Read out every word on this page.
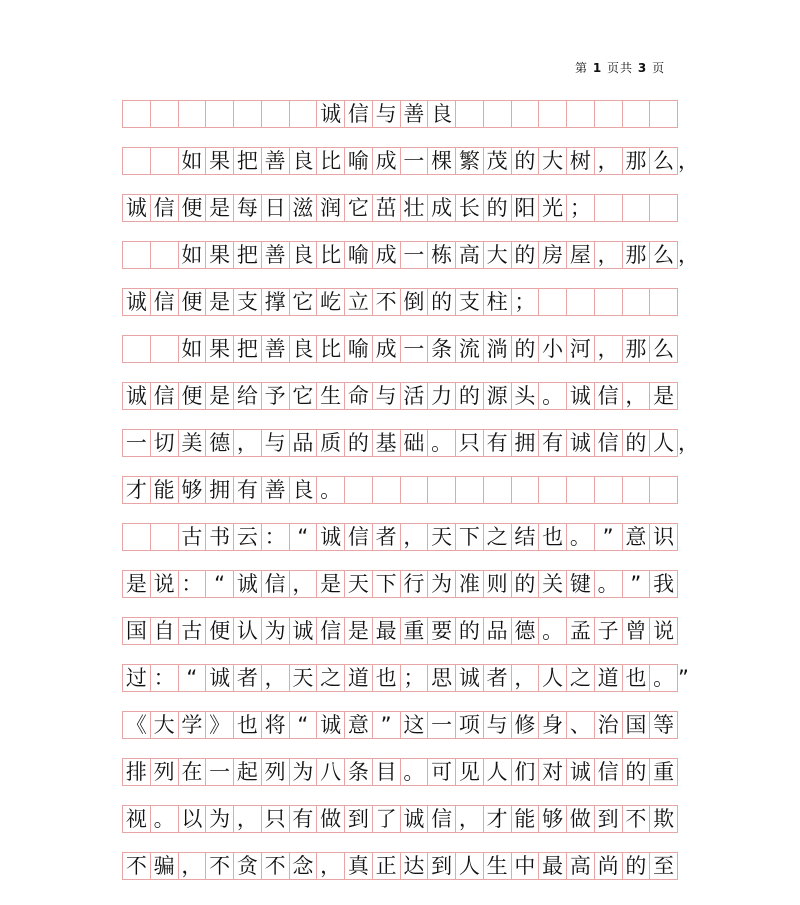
第 1 页共 3 页
诚 信 与 善 良
如 果 把 善 良 比 喻 成 一 棵 繁 茂 的 大 树 ， 那 么
诚 信 便 是 每 日 滋 润 它 茁 壮 成 长 的 阳 光 ；
如 果 把 善 良 比 喻 成 一 栋 高 大 的 房 屋 ， 那 么
诚 信 便 是 支 撑 它 屹 立 不 倒 的 支 柱 ；
如 果 把 善 良 比 喻 成 一 条 流 淌 的 小 河 ， 那 么
诚 信 便 是 给 予 它 生 命 与 活 力 的 源 头 。 诚 信 ， 是
一 切 美 德 ， 与 品 质 的 基 础 。 只 有 拥 有 诚 信 的 人
才 能 够 拥 有 善 良 。
古 书 云 ： “ 诚 信 者 ， 天 下 之 结 也 。 ” 意 识
是 说 ： “ 诚 信 ， 是 天 下 行 为 准 则 的 关 键 。 ” 我
国 自 古 便 认 为 诚 信 是 最 重 要 的 品 德 。 孟 子 曾 说
过 ： “ 诚 者 ， 天 之 道 也 ； 思 诚 者 ， 人 之 道 也 。
《 大 学 》 也 将 “ 诚 意 ” 这 一 项 与 修 身 、 治 国 等
排 列 在 一 起 列 为 八 条 目 。 可 见 人 们 对 诚 信 的 重
视 。 以 为 ， 只 有 做 到 了 诚 信 ， 才 能 够 做 到 不 欺
不 骗 ， 不 贪 不 念 ， 真 正 达 到 人 生 中 最 高 尚 的 至
，
，
，
”
